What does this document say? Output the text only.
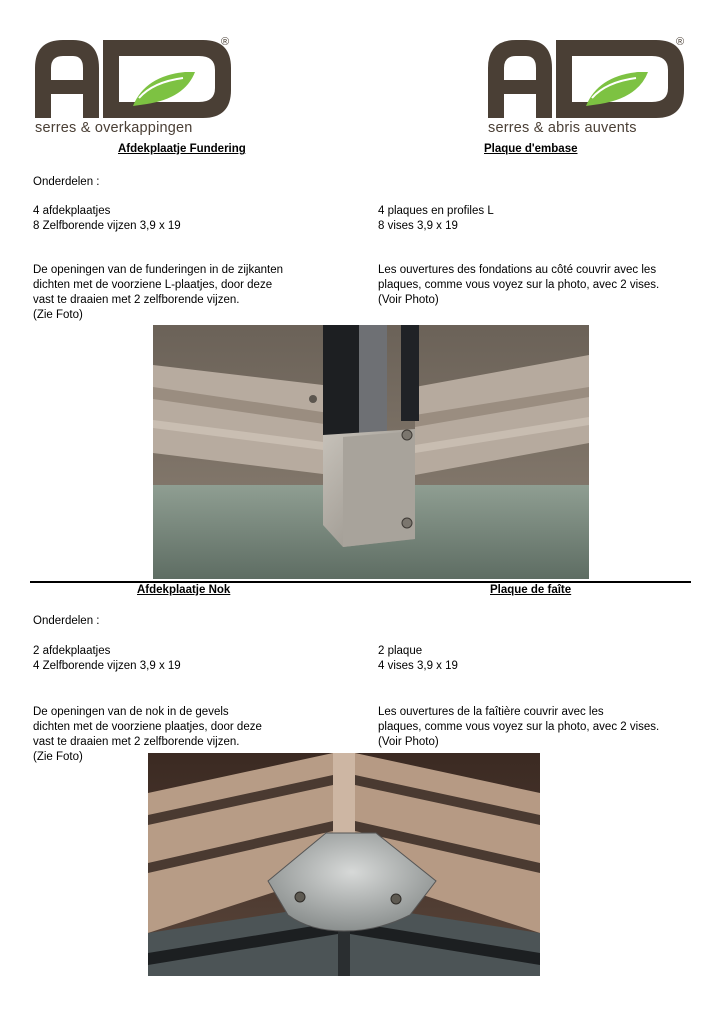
®
serres & overkappingen
®
serres & abris auvents
Afdekplaatje Fundering	Plaque d'embase
Onderdelen :
4 afdekplaatjes
8 Zelfborende vijzen 3,9 x 19
4 plaques en profiles L
8 vises 3,9 x 19
De openingen van de funderingen in de zijkanten
dichten met de voorziene L-plaatjes, door deze
vast te draaien met 2 zelfborende vijzen.
(Zie Foto)
Les ouvertures des fondations au côté couvrir avec les
plaques, comme vous voyez sur la photo, avec 2 vises.
(Voir Photo)
Afdekplaatje Nok	Plaque de faîte
Onderdelen :
2 afdekplaatjes
4 Zelfborende vijzen 3,9 x 19
2 plaque
4 vises 3,9 x 19
De openingen van de nok in de gevels
dichten met de voorziene plaatjes, door deze
vast te draaien met 2 zelfborende vijzen.
(Zie Foto)
Les ouvertures de la faîtière couvrir avec les
plaques, comme vous voyez sur la photo, avec 2 vises.
(Voir Photo)
